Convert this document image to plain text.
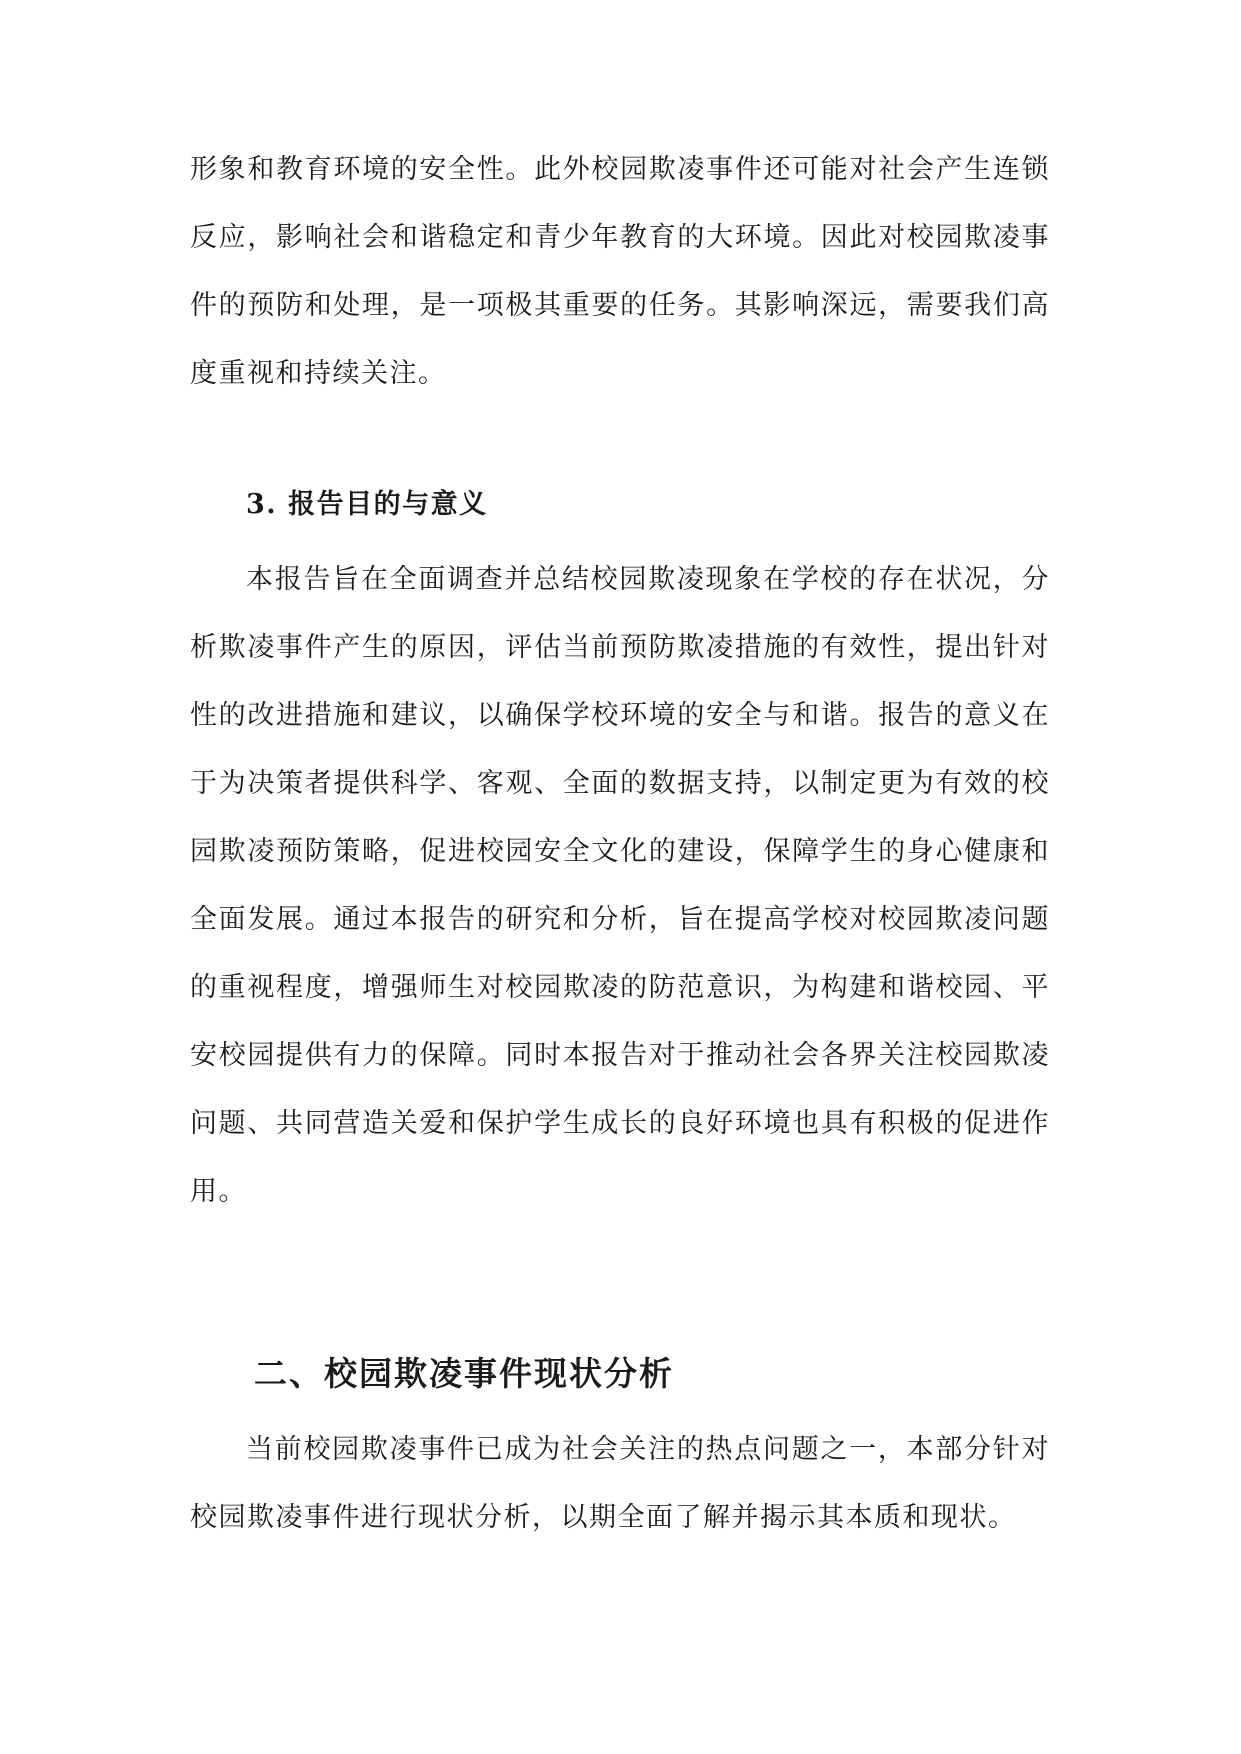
形象和教育环境的安全性。此外校园欺凌事件还可能对社会产生连锁反应，影响社会和谐稳定和青少年教育的大环境。因此对校园欺凌事件的预防和处理，是一项极其重要的任务。其影响深远，需要我们高度重视和持续关注。

3. 报告目的与意义

本报告旨在全面调查并总结校园欺凌现象在学校的存在状况，分析欺凌事件产生的原因，评估当前预防欺凌措施的有效性，提出针对性的改进措施和建议，以确保学校环境的安全与和谐。报告的意义在于为决策者提供科学、客观、全面的数据支持，以制定更为有效的校园欺凌预防策略，促进校园安全文化的建设，保障学生的身心健康和全面发展。通过本报告的研究和分析，旨在提高学校对校园欺凌问题的重视程度，增强师生对校园欺凌的防范意识，为构建和谐校园、平安校园提供有力的保障。同时本报告对于推动社会各界关注校园欺凌问题、共同营造关爱和保护学生成长的良好环境也具有积极的促进作用。

二、校园欺凌事件现状分析

当前校园欺凌事件已成为社会关注的热点问题之一，本部分针对校园欺凌事件进行现状分析，以期全面了解并揭示其本质和现状。
